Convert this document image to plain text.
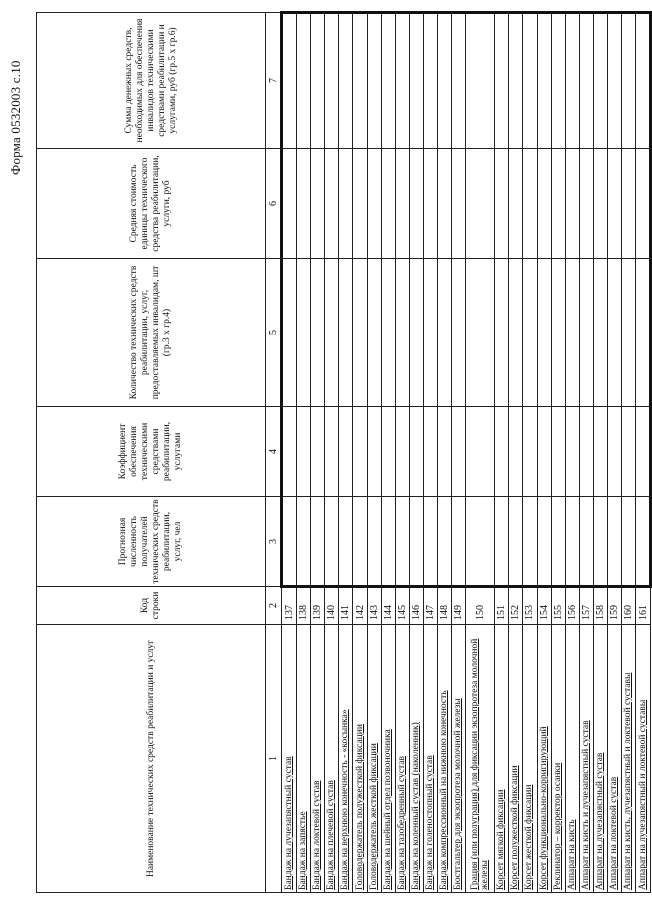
Форма 0532003 с.10
Наименование технических средств реабилитации и услуг	Код строки	Прогнозная численность получателей технических средств реабилитации, услуг, чел	Коэффициент обеспечения техническими средствами реабилитации, услугами	Количество технических средств реабилитации, услуг, предоставляемых инвалидам, шт (гр.3 х гр.4)	Средняя стоимость единицы технического средства реабилитации, услуги, руб	Сумма денежных средств, необходимых для обеспечения инвалидов техническими средствами реабилитации и услугами, руб (гр.5 х гр.6)
1	2	3	4	5	6	7
Бандаж на лучезапястный сустав	137					
Бандаж на запястье	138					
Бандаж на локтевой сустав	139					
Бандаж на плечевой сустав	140					
Бандаж на верхнюю конечность - «косынка»	141					
Головодержатель полужесткой фиксации	142					
Головодержатель жесткой фиксации	143					
Бандаж на шейный отдел позвоночника	144					
Бандаж на тазобедренный сустав	145					
Бандаж на коленный сустав (наколенник)	146					
Бандаж на голеностопный сустав	147					
Бандаж компрессионный на нижнюю конечность	148					
Бюстгальтер для экзопротеза молочной железы	149					
Грация (или полуграция) для фиксации экзопротеза молочной железы	150					
Корсет мягкой фиксации	151					
Корсет полужесткой фиксации	152					
Корсет жесткой фиксации	153					
Корсет функционально-корригирующий	154					
Реклинатор – корректор осанки	155					
Аппарат на кисть	156					
Аппарат на кисть и лучезапястный сустав	157					
Аппарат на лучезапястный сустав	158					
Аппарат на локтевой сустав	159					
Аппарат на кисть, лучезапястный и локтевой суставы	160					
Аппарат на лучезапястный и локтевой суставы	161					
